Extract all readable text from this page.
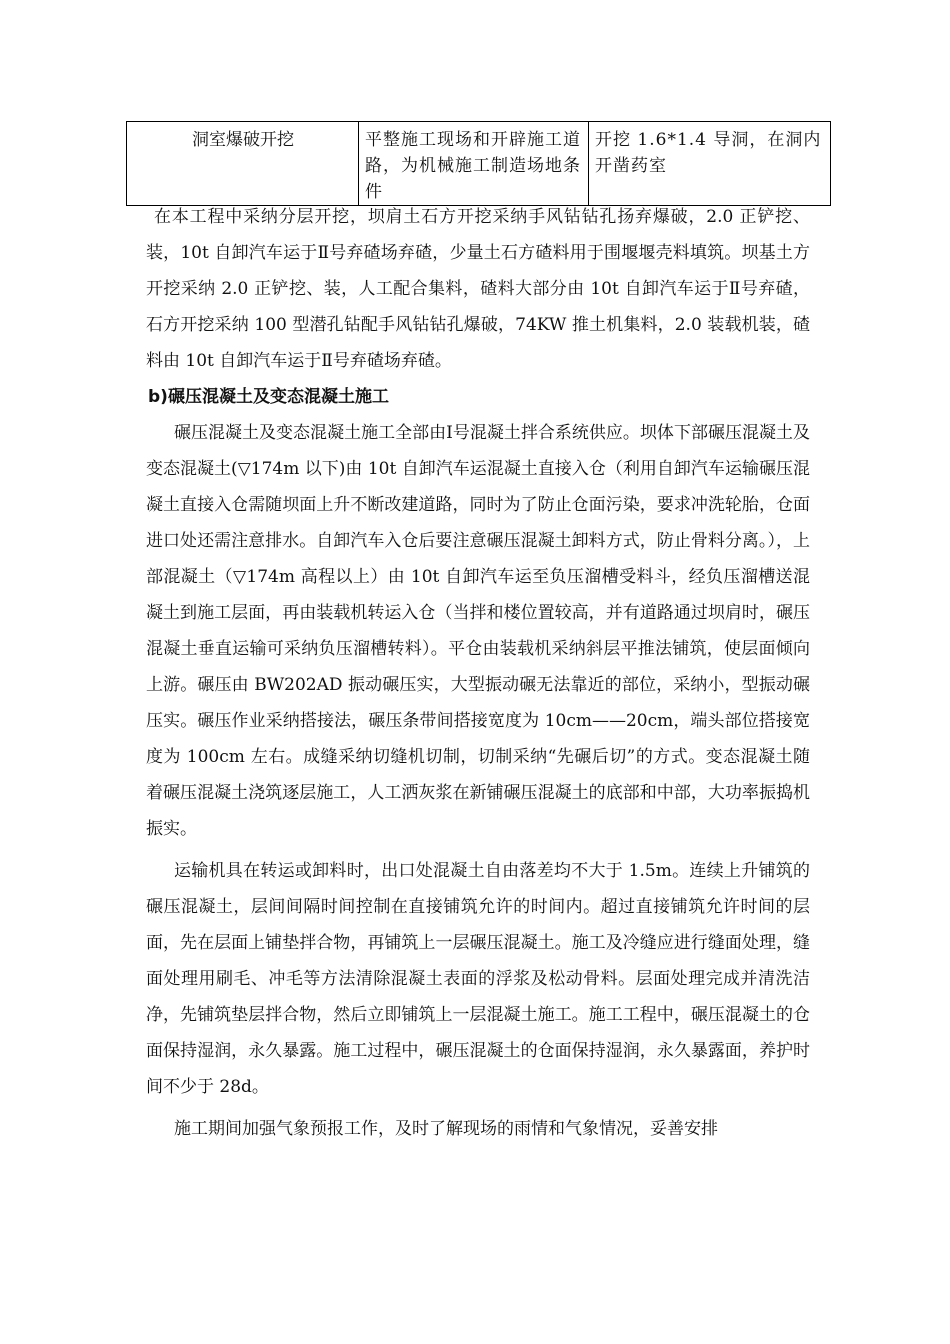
洞室爆破开挖	平整施工现场和开辟施工道路，为机械施工制造场地条件	开挖 1.6*1.4 导洞，在洞内开凿药室

在本工程中采纳分层开挖，坝肩土石方开挖采纳手风钻钻孔扬弃爆破，2.0 正铲挖、装，10t 自卸汽车运于Ⅱ号弃碴场弃碴，少量土石方碴料用于围堰堰壳料填筑。坝基土方开挖采纳 2.0 正铲挖、装，人工配合集料，碴料大部分由 10t 自卸汽车运于Ⅱ号弃碴，石方开挖采纳 100 型潜孔钻配手风钻钻孔爆破，74KW 推土机集料，2.0 装载机装，碴料由 10t 自卸汽车运于Ⅱ号弃碴场弃碴。

b)碾压混凝土及变态混凝土施工

碾压混凝土及变态混凝土施工全部由Ⅰ号混凝土拌合系统供应。坝体下部碾压混凝土及变态混凝土(▽174m 以下)由 10t 自卸汽车运混凝土直接入仓（利用自卸汽车运输碾压混凝土直接入仓需随坝面上升不断改建道路，同时为了防止仓面污染，要求冲洗轮胎，仓面进口处还需注意排水。自卸汽车入仓后要注意碾压混凝土卸料方式，防止骨料分离。），上部混凝土（▽174m 高程以上）由 10t 自卸汽车运至负压溜槽受料斗，经负压溜槽送混凝土到施工层面，再由装载机转运入仓（当拌和楼位置较高，并有道路通过坝肩时，碾压混凝土垂直运输可采纳负压溜槽转料）。平仓由装载机采纳斜层平推法铺筑，使层面倾向上游。碾压由 BW202AD 振动碾压实，大型振动碾无法靠近的部位，采纳小，型振动碾压实。碾压作业采纳搭接法，碾压条带间搭接宽度为 10cm——20cm，端头部位搭接宽度为 100cm 左右。成缝采纳切缝机切制，切制采纳“先碾后切”的方式。变态混凝土随着碾压混凝土浇筑逐层施工，人工洒灰浆在新铺碾压混凝土的底部和中部，大功率振捣机振实。

运输机具在转运或卸料时，出口处混凝土自由落差均不大于 1.5m。连续上升铺筑的碾压混凝土，层间间隔时间控制在直接铺筑允许的时间内。超过直接铺筑允许时间的层面，先在层面上铺垫拌合物，再铺筑上一层碾压混凝土。施工及冷缝应进行缝面处理，缝面处理用刷毛、冲毛等方法清除混凝土表面的浮浆及松动骨料。层面处理完成并清洗洁净，先铺筑垫层拌合物，然后立即铺筑上一层混凝土施工。施工工程中，碾压混凝土的仓面保持湿润，永久暴露。施工过程中，碾压混凝土的仓面保持湿润，永久暴露面，养护时间不少于 28d。

施工期间加强气象预报工作，及时了解现场的雨情和气象情况，妥善安排
